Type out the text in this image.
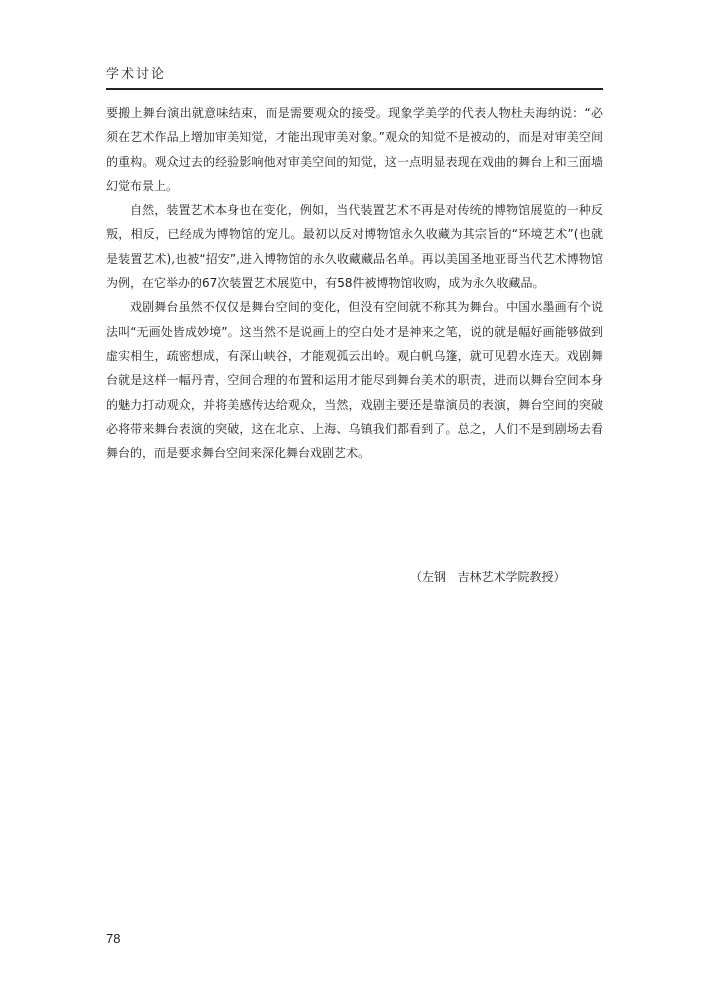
学术讨论

要搬上舞台演出就意味结束，而是需要观众的接受。现象学美学的代表人物杜夫海纳说：“必须在艺术作品上增加审美知觉，才能出现审美对象。”观众的知觉不是被动的，而是对审美空间的重构。观众过去的经验影响他对审美空间的知觉，这一点明显表现在戏曲的舞台上和三面墙幻觉布景上。

自然，装置艺术本身也在变化，例如，当代装置艺术不再是对传统的博物馆展览的一种反叛，相反，已经成为博物馆的宠儿。最初以反对博物馆永久收藏为其宗旨的“环境艺术”(也就是装置艺术),也被“招安”,进入博物馆的永久收藏藏品名单。再以美国圣地亚哥当代艺术博物馆为例，在它举办的67次装置艺术展览中，有58件被博物馆收购，成为永久收藏品。

戏剧舞台虽然不仅仅是舞台空间的变化，但没有空间就不称其为舞台。中国水墨画有个说法叫“无画处皆成妙境”。这当然不是说画上的空白处才是神来之笔，说的就是幅好画能够做到虚实相生，疏密想成，有深山峡谷，才能观孤云出岭。观白帆乌篷，就可见碧水连天。戏剧舞台就是这样一幅丹青，空间合理的布置和运用才能尽到舞台美术的职责，进而以舞台空间本身的魅力打动观众，并将美感传达给观众，当然，戏剧主要还是靠演员的表演，舞台空间的突破必将带来舞台表演的突破，这在北京、上海、乌镇我们都看到了。总之，人们不是到剧场去看舞台的，而是要求舞台空间来深化舞台戏剧艺术。

（左钢   吉林艺术学院教授）
78
